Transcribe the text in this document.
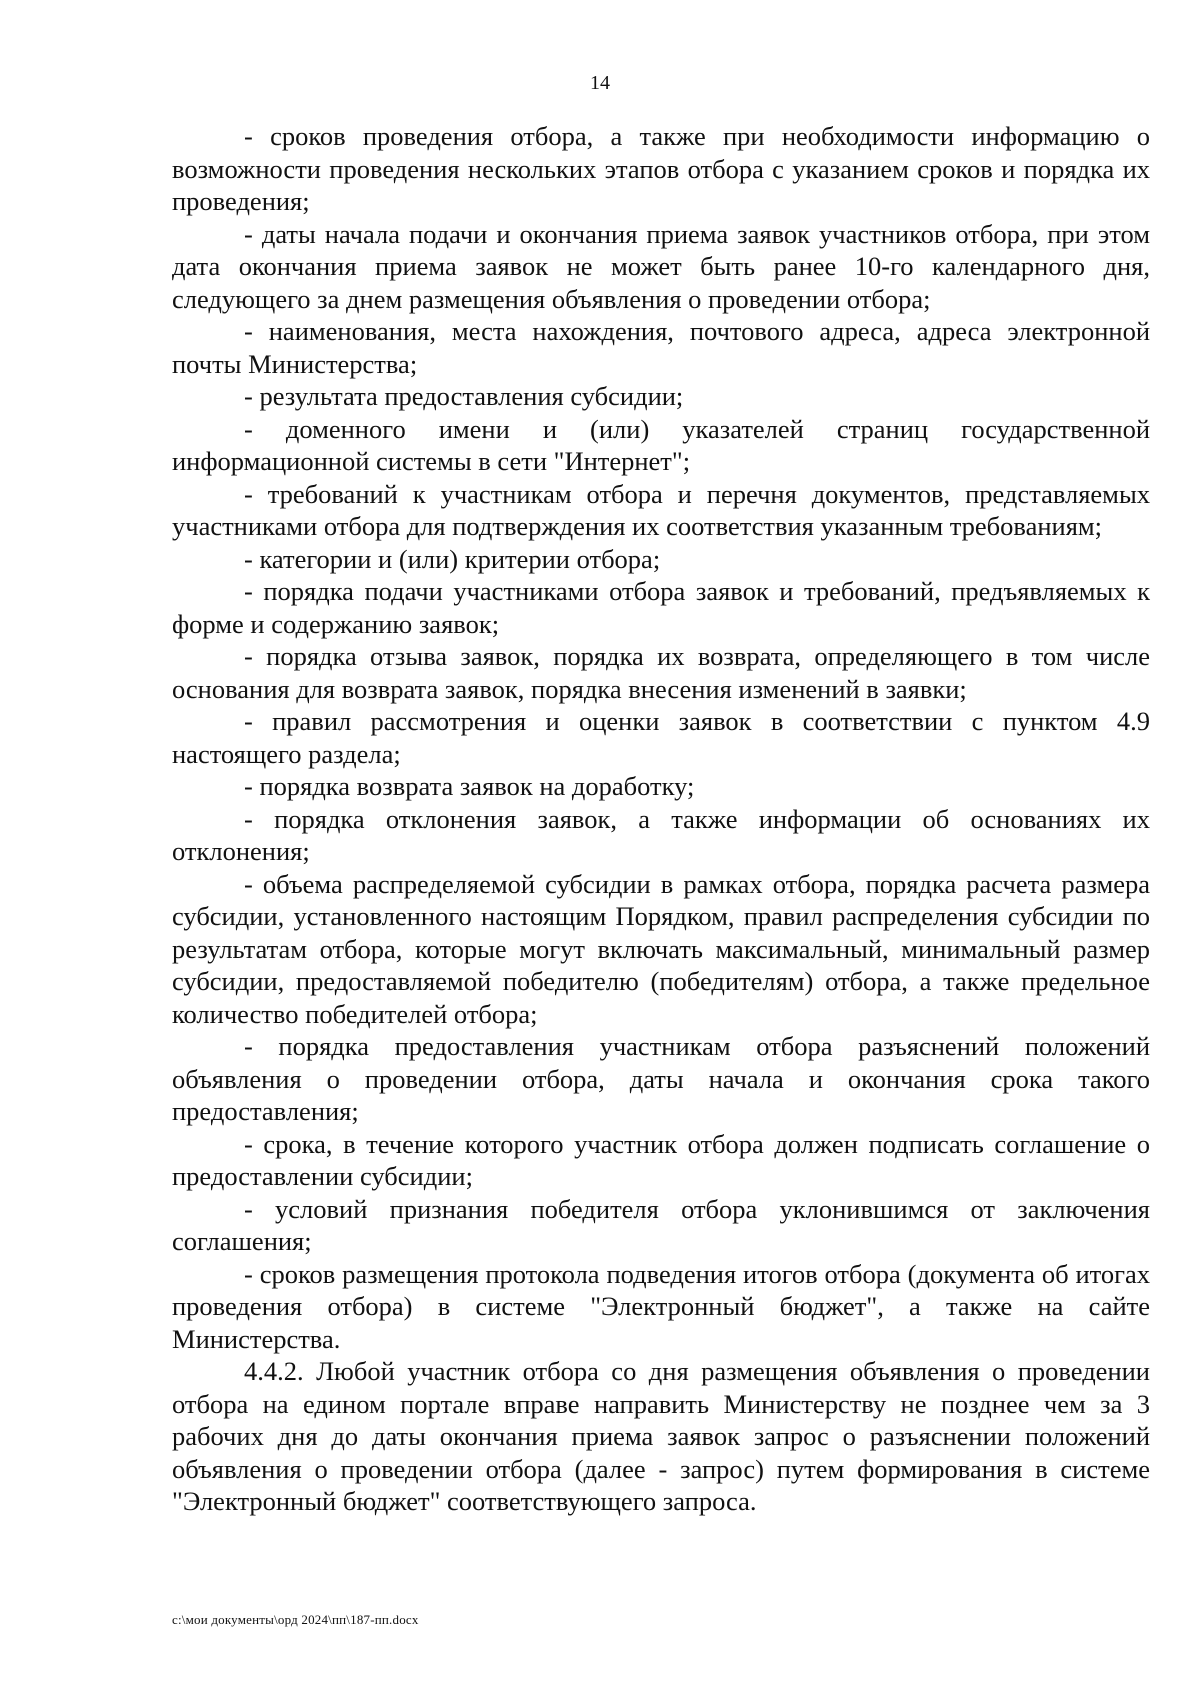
14

- сроков проведения отбора, а также при необходимости информацию о возможности проведения нескольких этапов отбора с указанием сроков и порядка их проведения;

- даты начала подачи и окончания приема заявок участников отбора, при этом дата окончания приема заявок не может быть ранее 10-го календарного дня, следующего за днем размещения объявления о проведении отбора;

- наименования, места нахождения, почтового адреса, адреса электронной почты Министерства;

- результата предоставления субсидии;

- доменного имени и (или) указателей страниц государственной информационной системы в сети "Интернет";

- требований к участникам отбора и перечня документов, представляемых участниками отбора для подтверждения их соответствия указанным требованиям;

- категории и (или) критерии отбора;

- порядка подачи участниками отбора заявок и требований, предъявляемых к форме и содержанию заявок;

- порядка отзыва заявок, порядка их возврата, определяющего в том числе основания для возврата заявок, порядка внесения изменений в заявки;

- правил рассмотрения и оценки заявок в соответствии с пунктом 4.9 настоящего раздела;

- порядка возврата заявок на доработку;

- порядка отклонения заявок, а также информации об основаниях их отклонения;

- объема распределяемой субсидии в рамках отбора, порядка расчета размера субсидии, установленного настоящим Порядком, правил распределения субсидии по результатам отбора, которые могут включать максимальный, минимальный размер субсидии, предоставляемой победителю (победителям) отбора, а также предельное количество победителей отбора;

- порядка предоставления участникам отбора разъяснений положений объявления о проведении отбора, даты начала и окончания срока такого предоставления;

- срока, в течение которого участник отбора должен подписать соглашение о предоставлении субсидии;

- условий признания победителя отбора уклонившимся от заключения соглашения;

- сроков размещения протокола подведения итогов отбора (документа об итогах проведения отбора) в системе "Электронный бюджет", а также на сайте Министерства.

4.4.2. Любой участник отбора со дня размещения объявления о проведении отбора на едином портале вправе направить Министерству не позднее чем за 3 рабочих дня до даты окончания приема заявок запрос о разъяснении положений объявления о проведении отбора (далее - запрос) путем формирования в системе "Электронный бюджет" соответствующего запроса.

c:\мои документы\орд 2024\пп\187-пп.docx
